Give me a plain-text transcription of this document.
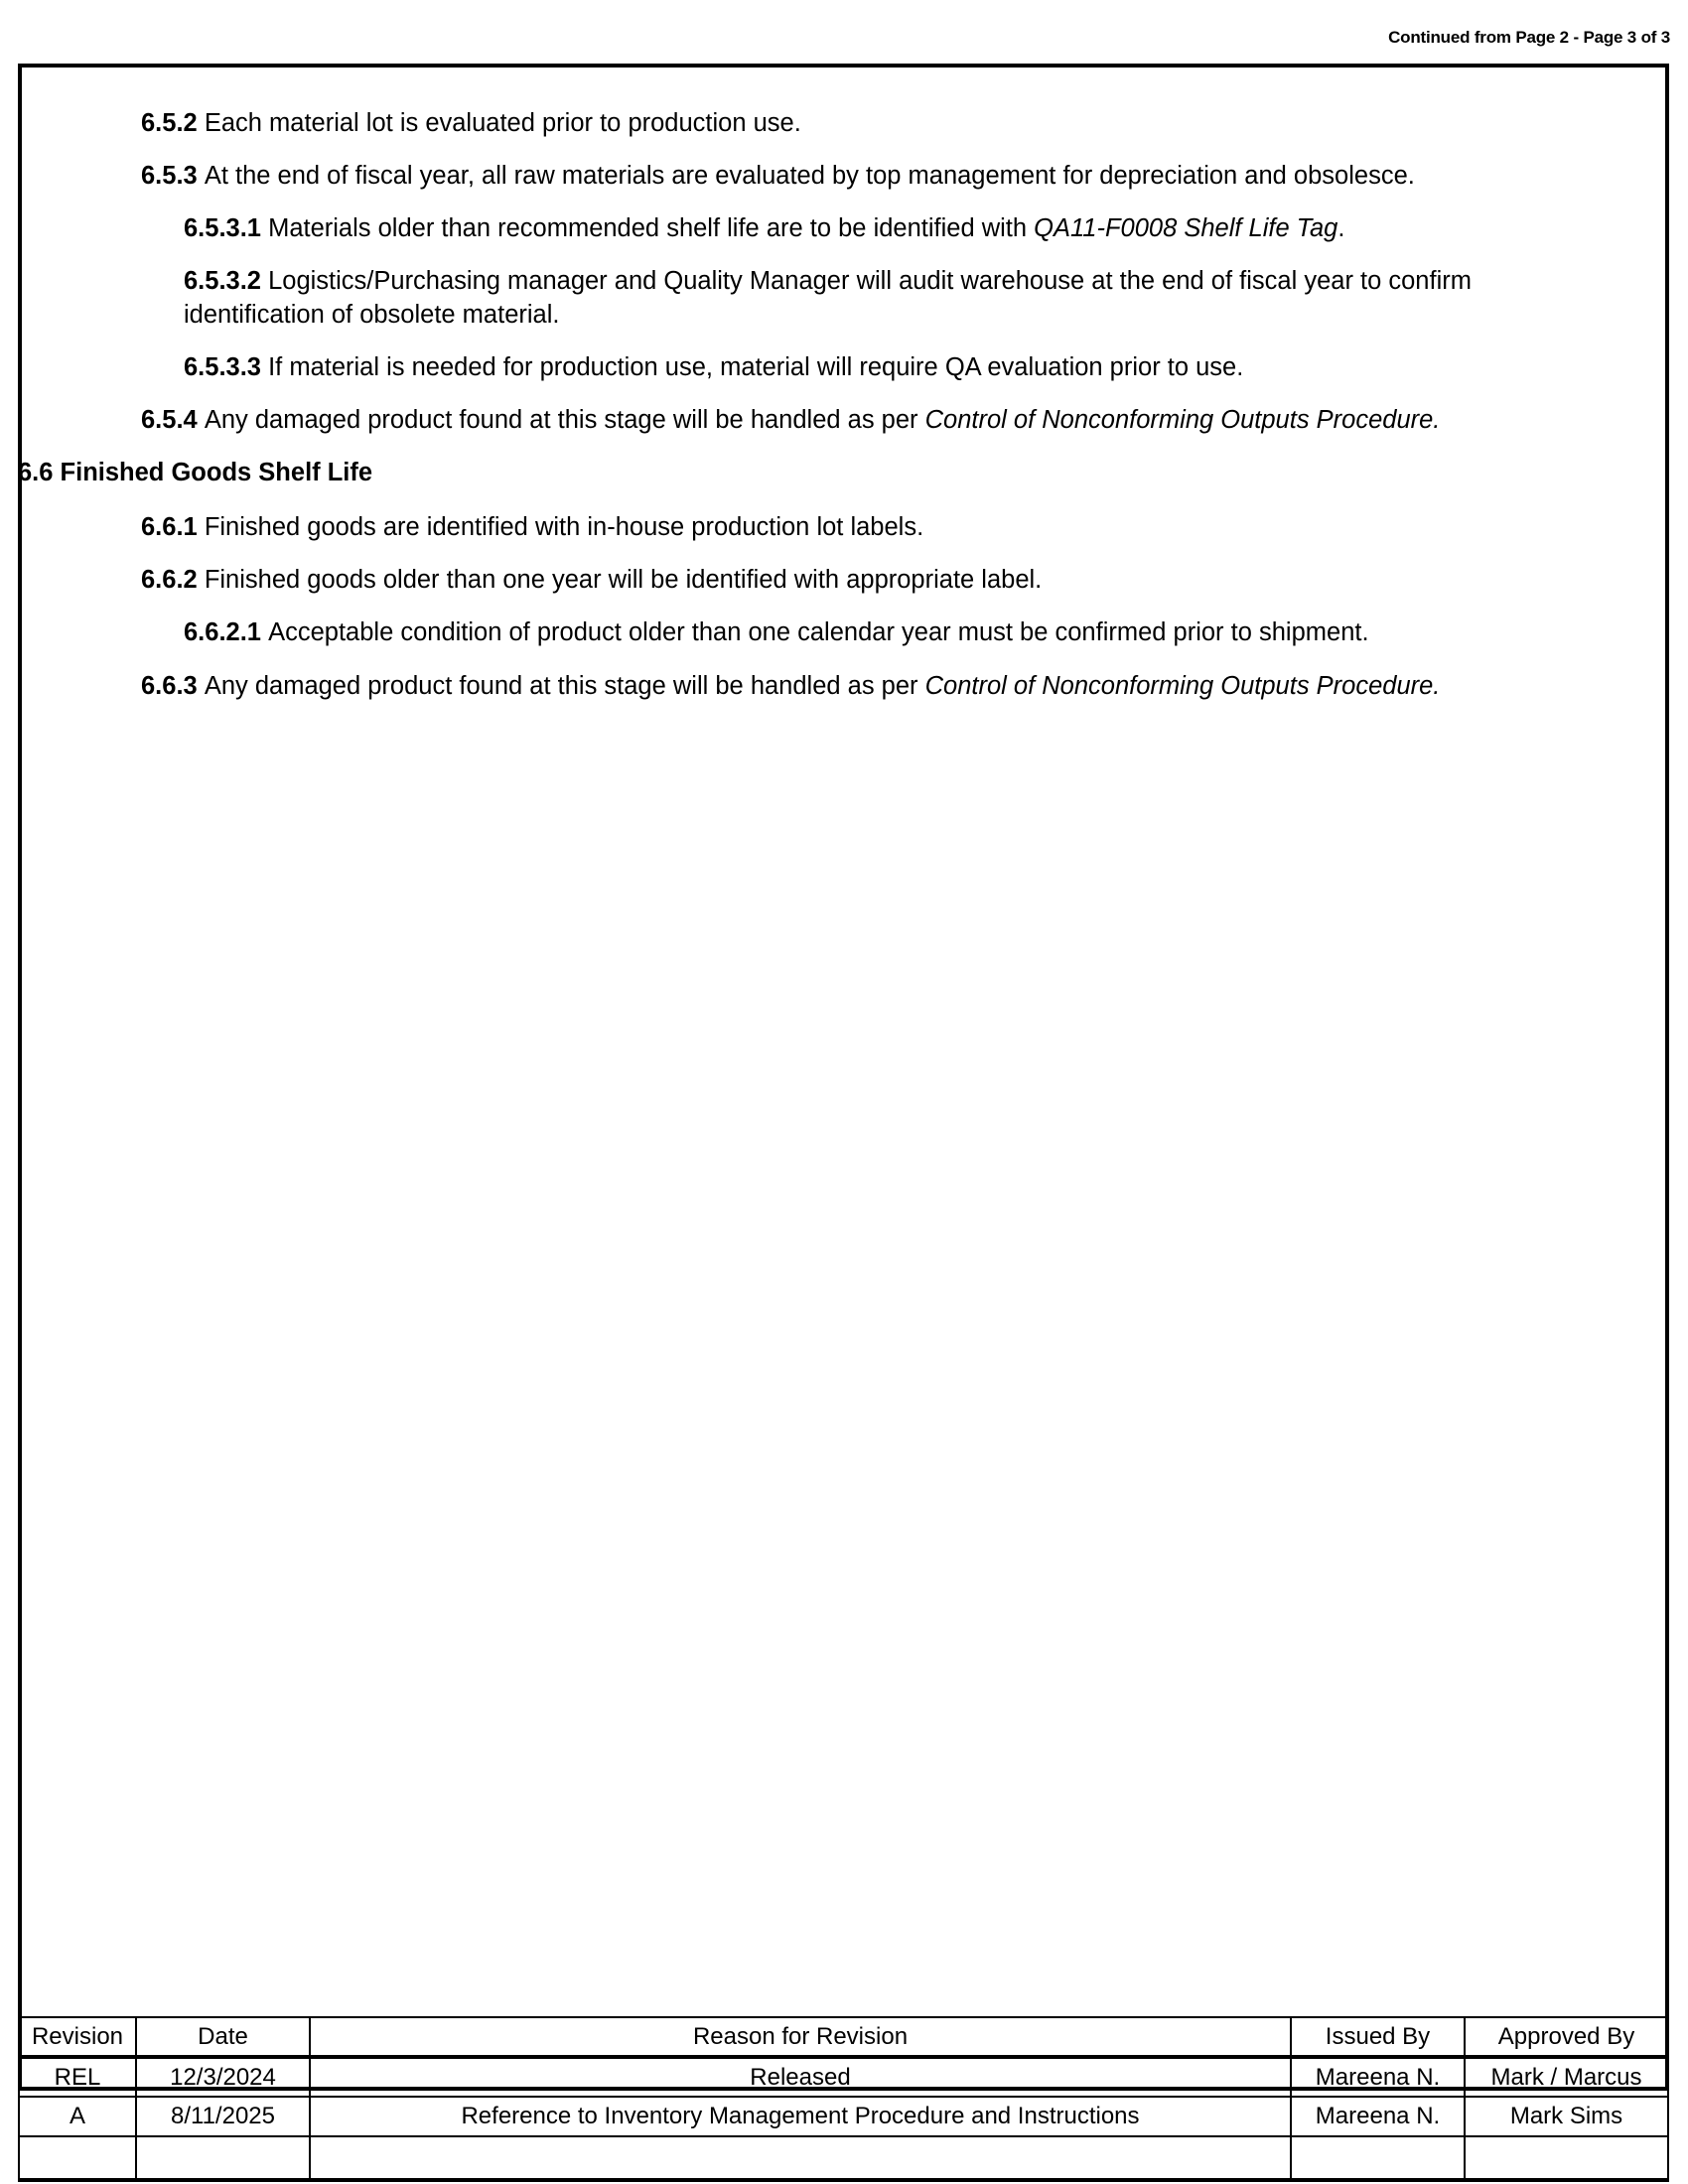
Continued from Page 2 - Page 3 of 3

6.5.2 Each material lot is evaluated prior to production use.

6.5.3 At the end of fiscal year, all raw materials are evaluated by top management for depreciation and obsolesce.

6.5.3.1 Materials older than recommended shelf life are to be identified with QA11-F0008 Shelf Life Tag.

6.5.3.2 Logistics/Purchasing manager and Quality Manager will audit warehouse at the end of fiscal year to confirm identification of obsolete material.

6.5.3.3 If material is needed for production use, material will require QA evaluation prior to use.

6.5.4 Any damaged product found at this stage will be handled as per Control of Nonconforming Outputs Procedure.

6.6 Finished Goods Shelf Life

6.6.1 Finished goods are identified with in-house production lot labels.

6.6.2 Finished goods older than one year will be identified with appropriate label.

6.6.2.1 Acceptable condition of product older than one calendar year must be confirmed prior to shipment.

6.6.3 Any damaged product found at this stage will be handled as per Control of Nonconforming Outputs Procedure.

Revision	Date	Reason for Revision	Issued By	Approved By
REL	12/3/2024	Released	Mareena N.	Mark / Marcus
A	8/11/2025	Reference to Inventory Management Procedure and Instructions	Mareena N.	Mark Sims
